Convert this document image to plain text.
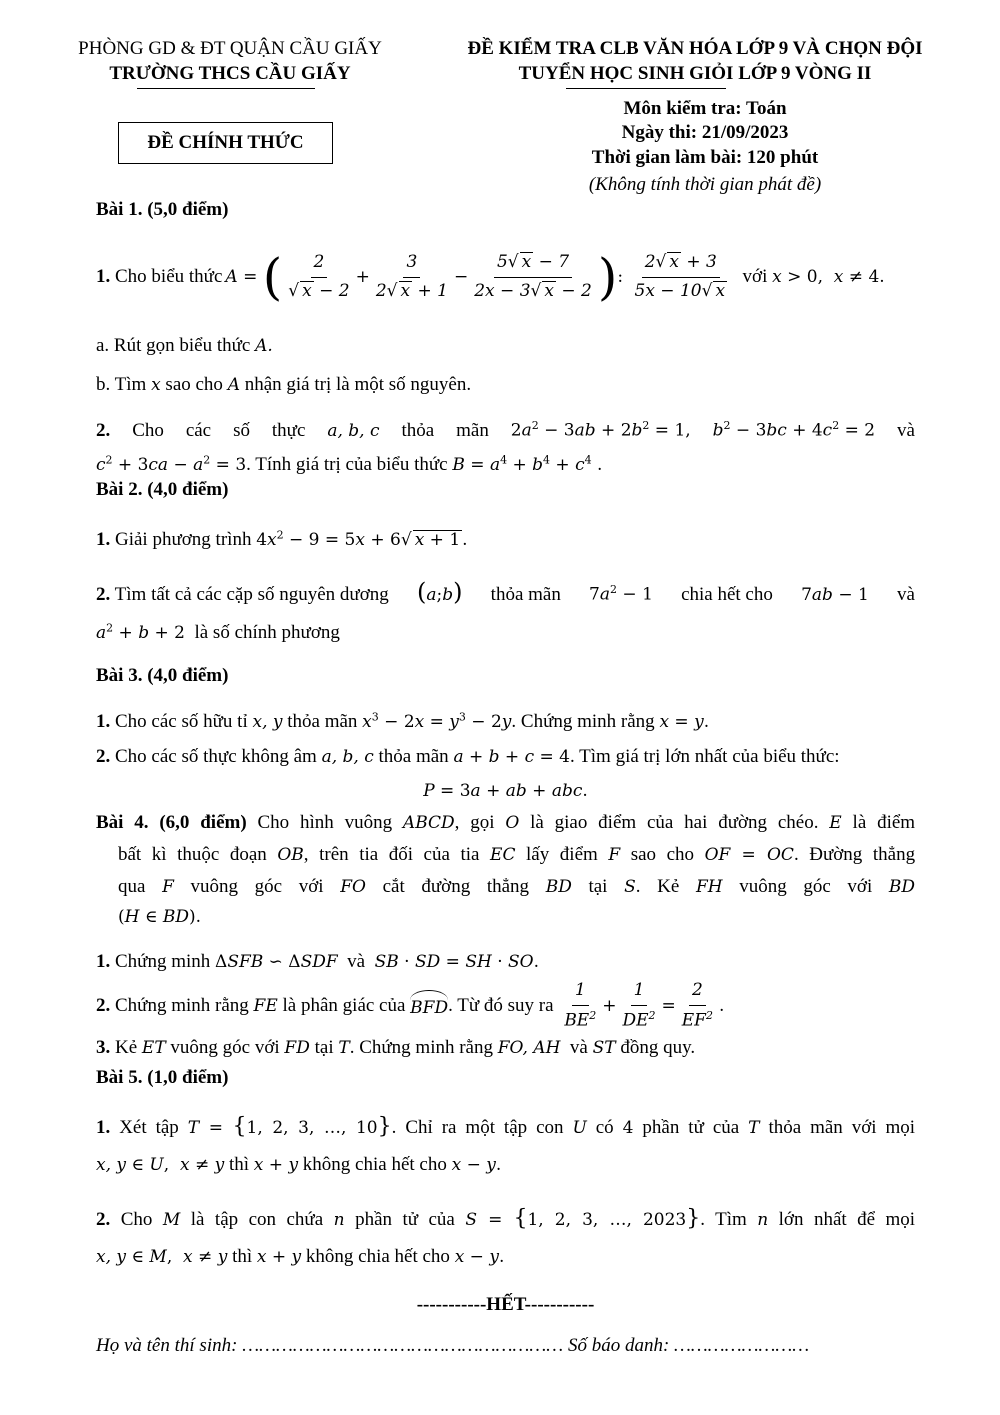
PHÒNG GD & ĐT QUẬN CẦU GIẤY
TRƯỜNG THCS CẦU GIẤY
ĐỀ KIỂM TRA CLB VĂN HÓA LỚP 9 VÀ CHỌN ĐỘI
TUYỂN HỌC SINH GIỎI LỚP 9 VÒNG II
Môn kiểm tra: Toán
Ngày thi: 21/09/2023
Thời gian làm bài: 120 phút
(Không tính thời gian phát đề)
ĐỀ CHÍNH THỨC
Bài 1. (5,0 điểm)
1.
Cho biểu thức A = ( $\frac{2}{√ x - 2} + \frac{3}{2√ x + 1} - \frac{5√ x - 7}{2x - 3√ x - 2}$ ) : $\frac{2√ x + 3}{5x - 10√ x}$
với
x > 0, x ≠ 4.
a. Rút gọn biểu thức A.
b. Tìm x sao cho A nhận giá trị là một số nguyên.
2. Cho các số thực a, b, c thỏa mãn $2a^2 - 3ab + 2b^2 = 1$, $b^2 - 3bc + 4c^2 = 2$ và
$c^2 + 3ca - a^2 = 3$. Tính giá trị của biểu thức $B = a^4 + b^4 + c^4$ .
Bài 2. (4,0 điểm)
1. Giải phương trình $4x^2 - 9 = 5x + 6√$ x + 1 .
2. Tìm tất cả các cặp số nguyên dương (a;b) thỏa mãn $7a^2 - 1$ chia hết cho 7ab − 1 và
$a^2 + b + 2$ là số chính phương
Bài 3. (4,0 điểm)
1. Cho các số hữu tỉ x, y thỏa mãn $x^3 - 2x = y^3 - 2y$. Chứng minh rằng x = y.
2. Cho các số thực không âm a, b, c thỏa mãn a + b + c = 4. Tìm giá trị lớn nhất của biểu thức:
P = 3a + ab + abc.
Bài 4. (6,0 điểm) Cho hình vuông ABCD, gọi O là giao điểm của hai đường chéo. E là điểm
bất kì thuộc đoạn OB, trên tia đối của tia EC lấy điểm F sao cho OF = OC. Đường thẳng
qua F vuông góc với FO cắt đường thẳng BD tại S. Kẻ FH vuông góc với BD
(H ∈ BD).
1. Chứng minh ΔSFB ∽ ΔSDF và SB · SD = SH · SO.
2.
Chứng minh rằng
FE
là phân giác của
BFD . Từ đó suy ra
$\frac{1}{BE^2} + \frac{1}{DE^2} = \frac{2}{EF^2}$ .
3. Kẻ ET vuông góc với FD tại T. Chứng minh rằng FO, AH và ST đồng quy.
Bài 5. (1,0 điểm)
1. Xét tập T = {1, 2, 3, …, 10}. Chỉ ra một tập con U có 4 phần tử của T thỏa mãn với mọi
x, y ∈ U,  x ≠ y thì x + y không chia hết cho x − y.
2. Cho M là tập con chứa n phần tử của S = {1, 2, 3, …, 2023}. Tìm n lớn nhất để mọi
x, y ∈ M,  x ≠ y thì x + y không chia hết cho x − y.
-----------HẾT-----------
Họ và tên thí sinh: ………………………………………………… Số báo danh: ……………………
